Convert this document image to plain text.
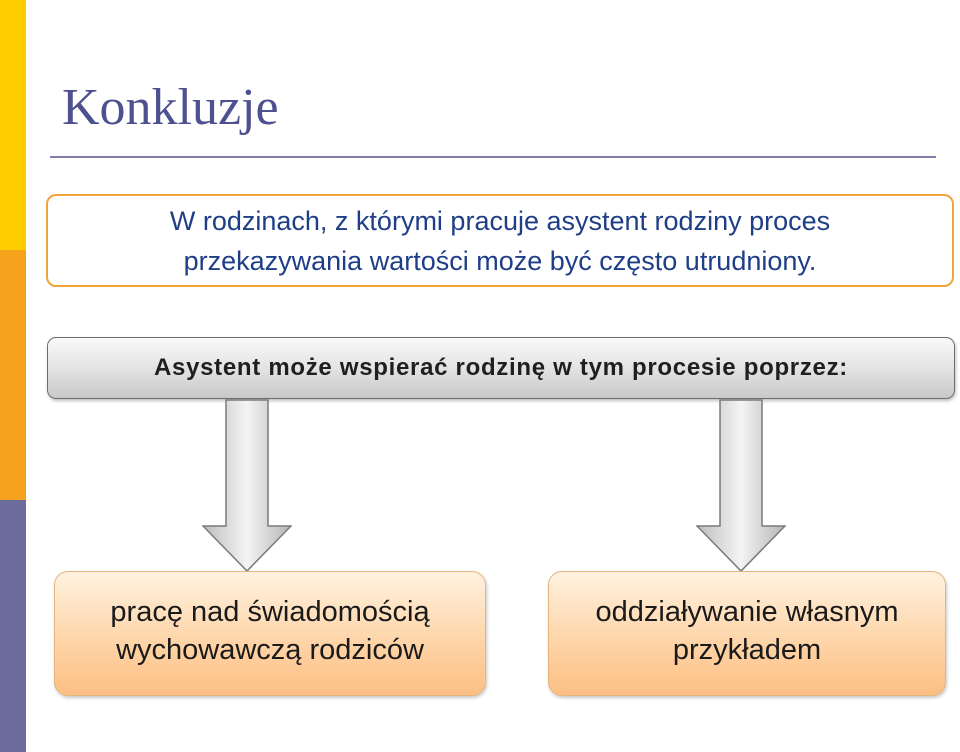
Konkluzje
W rodzinach, z którymi pracuje asystent rodziny proces
przekazywania wartości może być często utrudniony.
Asystent może wspierać rodzinę w tym procesie poprzez:
pracę nad świadomością
wychowawczą rodziców
oddziaływanie własnym
przykładem
